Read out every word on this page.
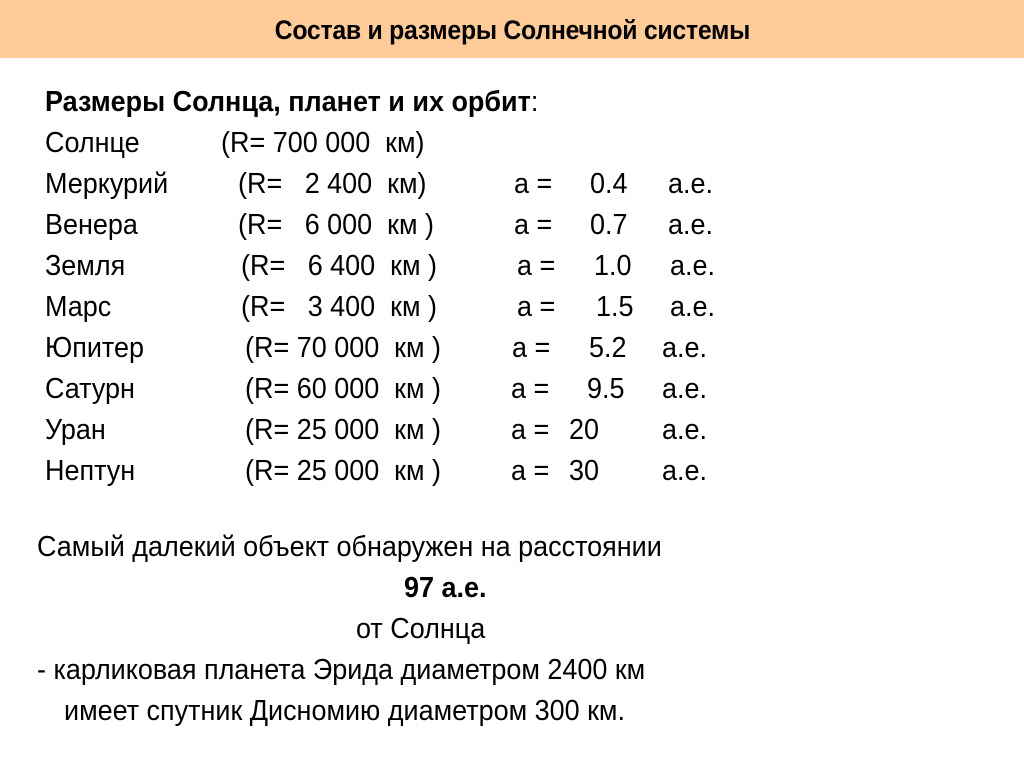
Состав и размеры Солнечной системы
Размеры Солнца, планет и их орбит:
Солнце	(R= 700 000  км)
Меркурий (R=   2 400  км)	a = 0.4 а.е.
Венера	(R=   6 000  км )	a = 0.7 а.е.
Земля	(R=   6 400  км )	a = 1.0 а.е.
Марс	(R=   3 400  км )	a = 1.5 а.е.
Юпитер	(R= 70 000  км ) a = 5.2 а.е.
Сатурн	(R= 60 000  км ) a = 9.5 а.е.
Уран	(R= 25 000  км ) a = 20 а.е.
Нептун	(R= 25 000  км ) a = 30 а.е.
Самый далекий объект обнаружен на расстоянии
97 а.е.
от Солнца
- карликовая планета Эрида диаметром 2400 км
имеет спутник Дисномию диаметром 300 км.
